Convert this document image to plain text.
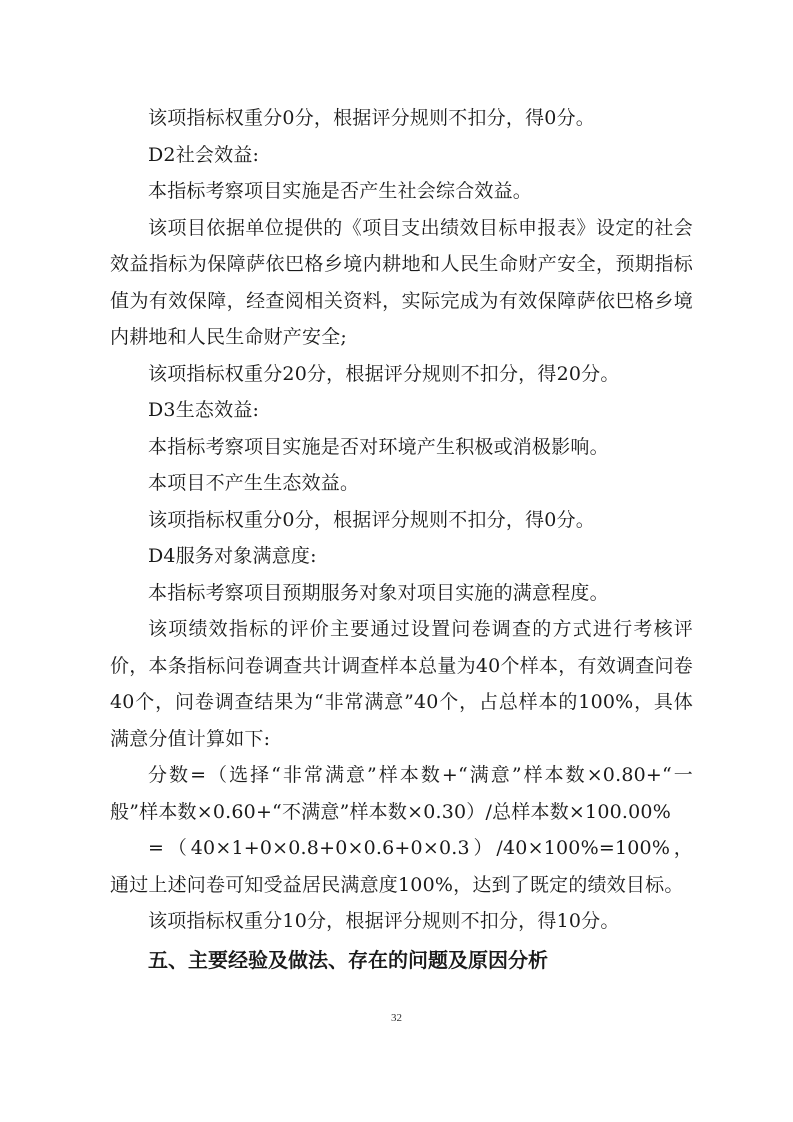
该项指标权重分0分，根据评分规则不扣分，得0分。

D2社会效益:

本指标考察项目实施是否产生社会综合效益。

该项目依据单位提供的《项目支出绩效目标申报表》设定的社会效益指标为保障萨依巴格乡境内耕地和人民生命财产安全，预期指标值为有效保障，经查阅相关资料，实际完成为有效保障萨依巴格乡境内耕地和人民生命财产安全;

该项指标权重分20分，根据评分规则不扣分，得20分。

D3生态效益:

本指标考察项目实施是否对环境产生积极或消极影响。

本项目不产生生态效益。

该项指标权重分0分，根据评分规则不扣分，得0分。

D4服务对象满意度:

本指标考察项目预期服务对象对项目实施的满意程度。

该项绩效指标的评价主要通过设置问卷调查的方式进行考核评价，本条指标问卷调查共计调查样本总量为40个样本，有效调查问卷40个，问卷调查结果为“非常满意”40个，占总样本的100%，具体满意分值计算如下:

分数=（选择“非常满意”样本数+“满意”样本数×0.80+“一般”样本数×0.60+“不满意”样本数×0.30）/总样本数×100.00%

=（40×1+0×0.8+0×0.6+0×0.3）/40×100%=100%，通过上述问卷可知受益居民满意度100%，达到了既定的绩效目标。

该项指标权重分10分，根据评分规则不扣分，得10分。

五、主要经验及做法、存在的问题及原因分析

32
